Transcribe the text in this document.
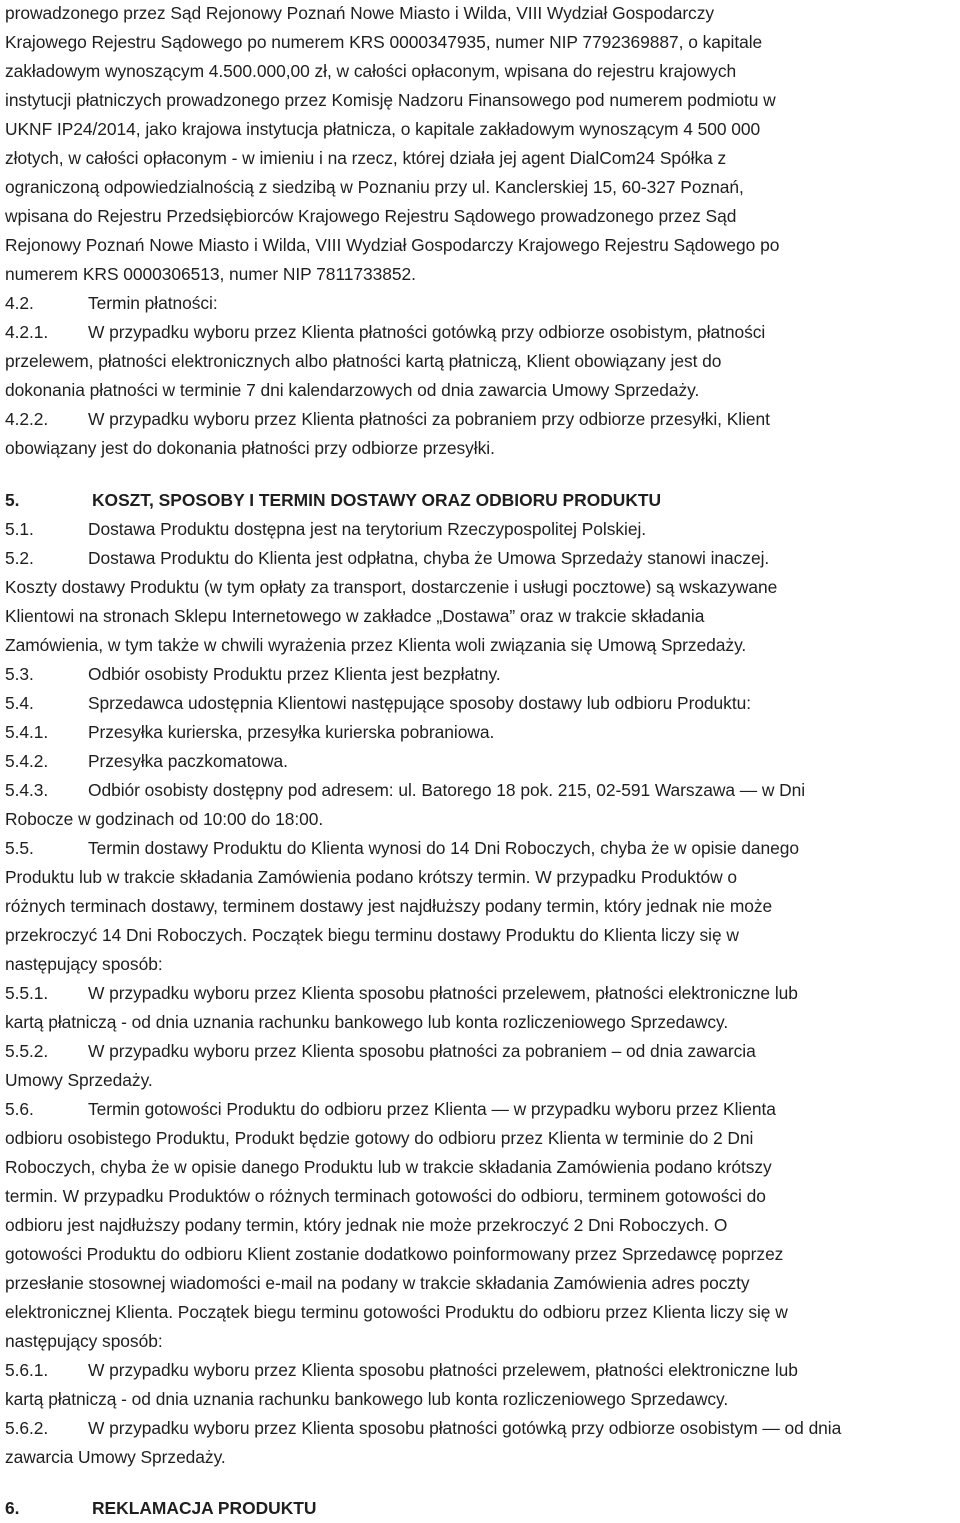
prowadzonego przez Sąd Rejonowy Poznań Nowe Miasto i Wilda, VIII Wydział Gospodarczy

Krajowego Rejestru Sądowego po numerem KRS 0000347935, numer NIP 7792369887, o kapitale

zakładowym wynoszącym 4.500.000,00 zł, w całości opłaconym, wpisana do rejestru krajowych

instytucji płatniczych prowadzonego przez Komisję Nadzoru Finansowego pod numerem podmiotu w

UKNF IP24/2014, jako krajowa instytucja płatnicza, o kapitale zakładowym wynoszącym 4 500 000

złotych, w całości opłaconym - w imieniu i na rzecz, której działa jej agent DialCom24 Spółka z

ograniczoną odpowiedzialnością z siedzibą w Poznaniu przy ul. Kanclerskiej 15, 60-327 Poznań,

wpisana do Rejestru Przedsiębiorców Krajowego Rejestru Sądowego prowadzonego przez Sąd

Rejonowy Poznań Nowe Miasto i Wilda, VIII Wydział Gospodarczy Krajowego Rejestru Sądowego po

numerem KRS 0000306513, numer NIP 7811733852.

4.2.	Termin płatności:
4.2.1.	W przypadku wyboru przez Klienta płatności gotówką przy odbiorze osobistym, płatności

przelewem, płatności elektronicznych albo płatności kartą płatniczą, Klient obowiązany jest do

dokonania płatności w terminie 7 dni kalendarzowych od dnia zawarcia Umowy Sprzedaży.

4.2.2.	W przypadku wyboru przez Klienta płatności za pobraniem przy odbiorze przesyłki, Klient

obowiązany jest do dokonania płatności przy odbiorze przesyłki.

5.	KOSZT, SPOSOBY I TERMIN DOSTAWY ORAZ ODBIORU PRODUKTU
5.1.	Dostawa Produktu dostępna jest na terytorium Rzeczypospolitej Polskiej.
5.2.	Dostawa Produktu do Klienta jest odpłatna, chyba że Umowa Sprzedaży stanowi inaczej.

Koszty dostawy Produktu (w tym opłaty za transport, dostarczenie i usługi pocztowe) są wskazywane

Klientowi na stronach Sklepu Internetowego w zakładce „Dostawa” oraz w trakcie składania

Zamówienia, w tym także w chwili wyrażenia przez Klienta woli związania się Umową Sprzedaży.

5.3.	Odbiór osobisty Produktu przez Klienta jest bezpłatny.
5.4.	Sprzedawca udostępnia Klientowi następujące sposoby dostawy lub odbioru Produktu:
5.4.1.	Przesyłka kurierska, przesyłka kurierska pobraniowa.
5.4.2.	Przesyłka paczkomatowa.
5.4.3.	Odbiór osobisty dostępny pod adresem: ul. Batorego 18 pok. 215, 02-591 Warszawa — w Dni

Robocze w godzinach od 10:00 do 18:00.

5.5.	Termin dostawy Produktu do Klienta wynosi do 14 Dni Roboczych, chyba że w opisie danego

Produktu lub w trakcie składania Zamówienia podano krótszy termin. W przypadku Produktów o

różnych terminach dostawy, terminem dostawy jest najdłuższy podany termin, który jednak nie może

przekroczyć 14 Dni Roboczych. Początek biegu terminu dostawy Produktu do Klienta liczy się w

następujący sposób:

5.5.1.	W przypadku wyboru przez Klienta sposobu płatności przelewem, płatności elektroniczne lub

kartą płatniczą - od dnia uznania rachunku bankowego lub konta rozliczeniowego Sprzedawcy.

5.5.2.	W przypadku wyboru przez Klienta sposobu płatności za pobraniem – od dnia zawarcia

Umowy Sprzedaży.

5.6.	Termin gotowości Produktu do odbioru przez Klienta — w przypadku wyboru przez Klienta

odbioru osobistego Produktu, Produkt będzie gotowy do odbioru przez Klienta w terminie do 2 Dni

Roboczych, chyba że w opisie danego Produktu lub w trakcie składania Zamówienia podano krótszy

termin. W przypadku Produktów o różnych terminach gotowości do odbioru, terminem gotowości do

odbioru jest najdłuższy podany termin, który jednak nie może przekroczyć 2 Dni Roboczych. O

gotowości Produktu do odbioru Klient zostanie dodatkowo poinformowany przez Sprzedawcę poprzez

przesłanie stosownej wiadomości e-mail na podany w trakcie składania Zamówienia adres poczty

elektronicznej Klienta. Początek biegu terminu gotowości Produktu do odbioru przez Klienta liczy się w

następujący sposób:

5.6.1.	W przypadku wyboru przez Klienta sposobu płatności przelewem, płatności elektroniczne lub

kartą płatniczą - od dnia uznania rachunku bankowego lub konta rozliczeniowego Sprzedawcy.

5.6.2.	W przypadku wyboru przez Klienta sposobu płatności gotówką przy odbiorze osobistym — od dnia

zawarcia Umowy Sprzedaży.

6.	REKLAMACJA PRODUKTU
